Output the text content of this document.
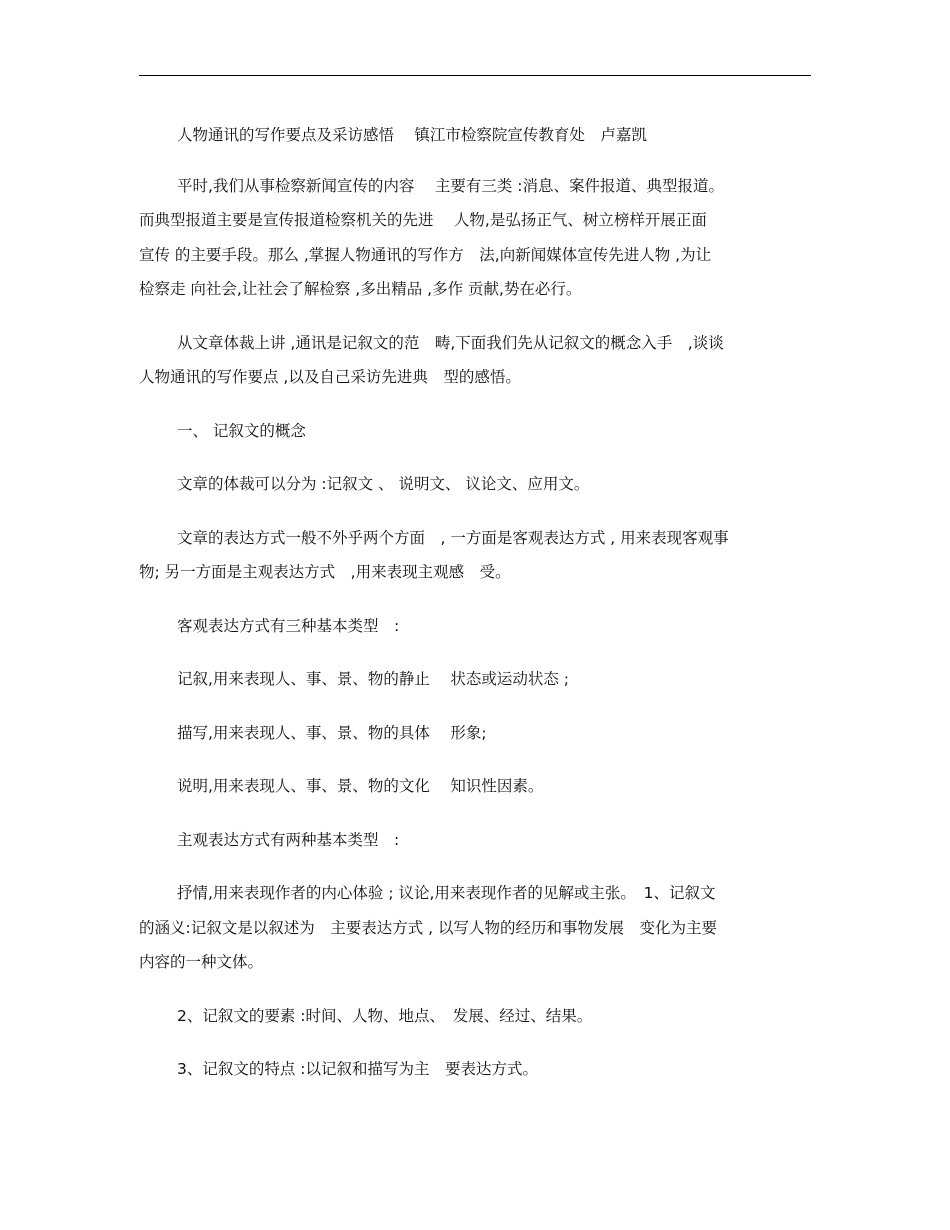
人物通讯的写作要点及采访感悟　 镇江市检察院宣传教育处　卢嘉凯
平时,我们从事检察新闻宣传的内容　 主要有三类 :消息、案件报道、典型报道。
而典型报道主要是宣传报道检察机关的先进　 人物,是弘扬正气、树立榜样开展正面
宣传 的主要手段。那么 ,掌握人物通讯的写作方　法,向新闻媒体宣传先进人物 ,为让
检察走 向社会,让社会了解检察 ,多出精品 ,多作 贡献,势在必行。
从文章体裁上讲 ,通讯是记叙文的范　畴,下面我们先从记叙文的概念入手　,谈谈
人物通讯的写作要点 ,以及自己采访先进典　型的感悟。
一、 记叙文的概念
文章的体裁可以分为 :记叙文 、 说明文、 议论文、应用文。
文章的表达方式一般不外乎两个方面　, 一方面是客观表达方式 , 用来表现客观事
物; 另一方面是主观表达方式　,用来表现主观感　受。
客观表达方式有三种基本类型　:
记叙,用来表现人、事、景、物的静止　 状态或运动状态 ;
描写,用来表现人、事、景、物的具体　 形象;
说明,用来表现人、事、景、物的文化　 知识性因素。
主观表达方式有两种基本类型　:
抒情,用来表现作者的内心体验 ; 议论,用来表现作者的见解或主张。　1、记叙文
的涵义:记叙文是以叙述为　主要表达方式 , 以写人物的经历和事物发展　变化为主要
内容的一种文体。
2、记叙文的要素 :时间、人物、地点、　发展、经过、结果。
3、记叙文的特点 :以记叙和描写为主　要表达方式。
